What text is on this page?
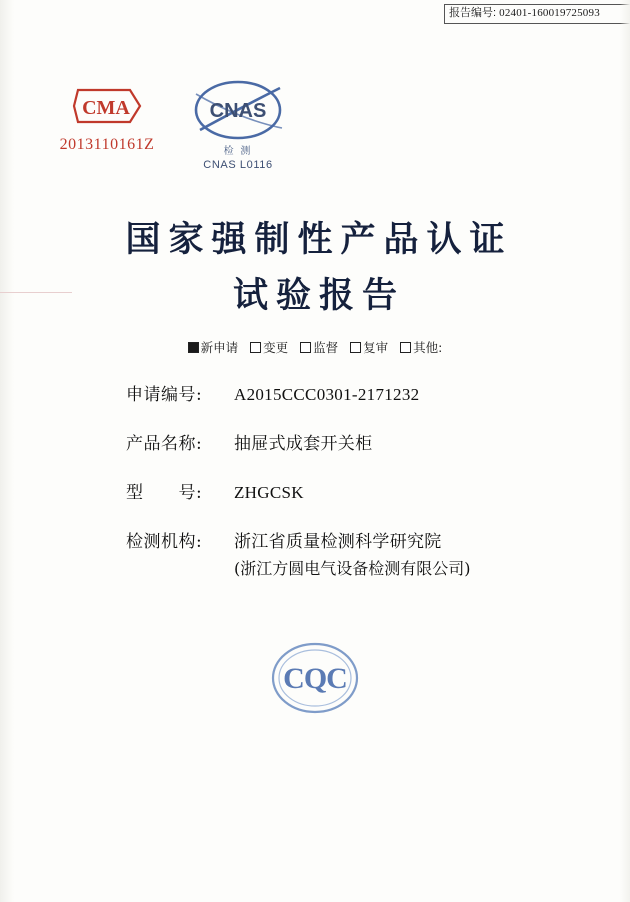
报告编号: 02401-160019725093
CMA
2013110161Z
CNAS
检 测
CNAS L0116
国家强制性产品认证
试验报告
新申请 变更 监督 复审 其他:
申请编号:	A2015CCC0301-2171232
产品名称:	抽屉式成套开关柜
型　　号:	ZHGCSK
检测机构:	浙江省质量检测科学研究院
(浙江方圆电气设备检测有限公司)
CQC
